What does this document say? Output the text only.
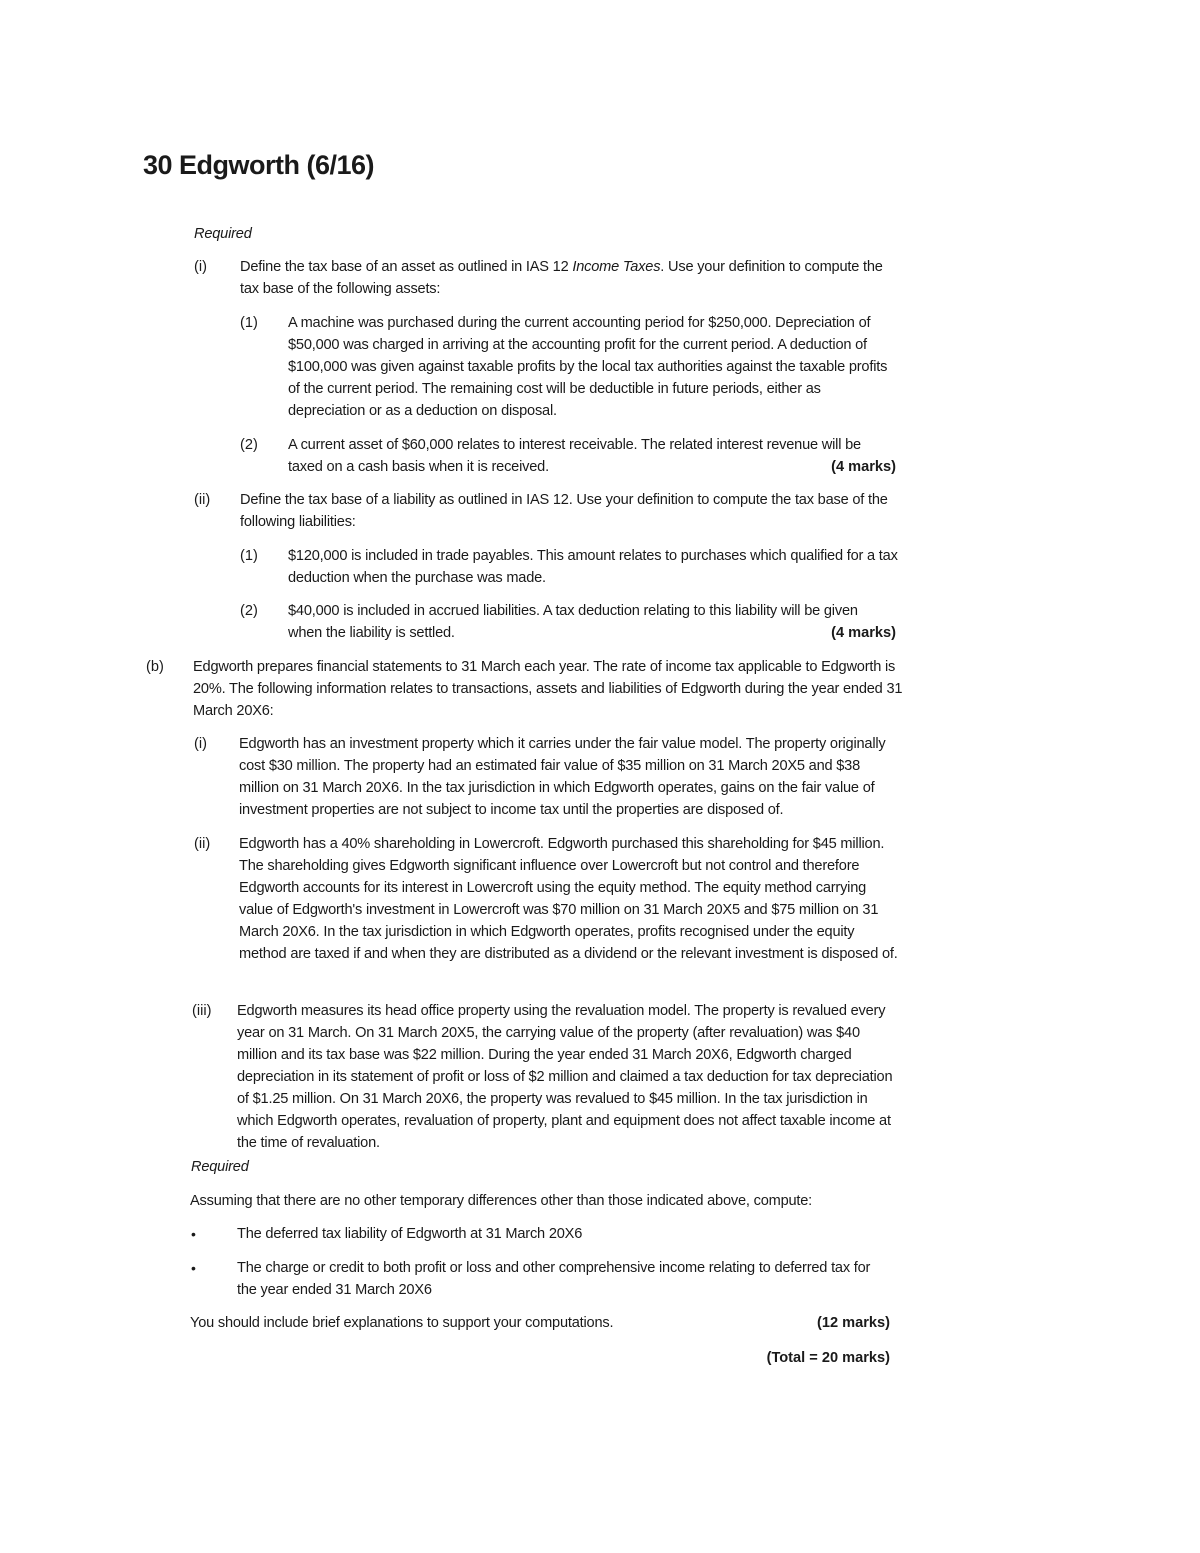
30 Edgworth (6/16)
Required
(i) Define the tax base of an asset as outlined in IAS 12 Income Taxes. Use your definition to compute the tax base of the following assets:
(1) A machine was purchased during the current accounting period for $250,000. Depreciation of $50,000 was charged in arriving at the accounting profit for the current period. A deduction of $100,000 was given against taxable profits by the local tax authorities against the taxable profits of the current period. The remaining cost will be deductible in future periods, either as depreciation or as a deduction on disposal.
(2) A current asset of $60,000 relates to interest receivable. The related interest revenue will be taxed on a cash basis when it is received.	(4 marks)
(ii) Define the tax base of a liability as outlined in IAS 12. Use your definition to compute the tax base of the following liabilities:
(1) $120,000 is included in trade payables. This amount relates to purchases which qualified for a tax deduction when the purchase was made.
(2) $40,000 is included in accrued liabilities. A tax deduction relating to this liability will be given when the liability is settled.	(4 marks)
(b) Edgworth prepares financial statements to 31 March each year. The rate of income tax applicable to Edgworth is 20%. The following information relates to transactions, assets and liabilities of Edgworth during the year ended 31 March 20X6:
(i) Edgworth has an investment property which it carries under the fair value model. The property originally cost $30 million. The property had an estimated fair value of $35 million on 31 March 20X5 and $38 million on 31 March 20X6. In the tax jurisdiction in which Edgworth operates, gains on the fair value of investment properties are not subject to income tax until the properties are disposed of.
(ii) Edgworth has a 40% shareholding in Lowercroft. Edgworth purchased this shareholding for $45 million. The shareholding gives Edgworth significant influence over Lowercroft but not control and therefore Edgworth accounts for its interest in Lowercroft using the equity method. The equity method carrying value of Edgworth's investment in Lowercroft was $70 million on 31 March 20X5 and $75 million on 31 March 20X6. In the tax jurisdiction in which Edgworth operates, profits recognised under the equity method are taxed if and when they are distributed as a dividend or the relevant investment is disposed of.
(iii) Edgworth measures its head office property using the revaluation model. The property is revalued every year on 31 March. On 31 March 20X5, the carrying value of the property (after revaluation) was $40 million and its tax base was $22 million. During the year ended 31 March 20X6, Edgworth charged depreciation in its statement of profit or loss of $2 million and claimed a tax deduction for tax depreciation of $1.25 million. On 31 March 20X6, the property was revalued to $45 million. In the tax jurisdiction in which Edgworth operates, revaluation of property, plant and equipment does not affect taxable income at the time of revaluation.
Required
Assuming that there are no other temporary differences other than those indicated above, compute:
•	The deferred tax liability of Edgworth at 31 March 20X6
•	The charge or credit to both profit or loss and other comprehensive income relating to deferred tax for the year ended 31 March 20X6
You should include brief explanations to support your computations.	(12 marks)
(Total = 20 marks)
